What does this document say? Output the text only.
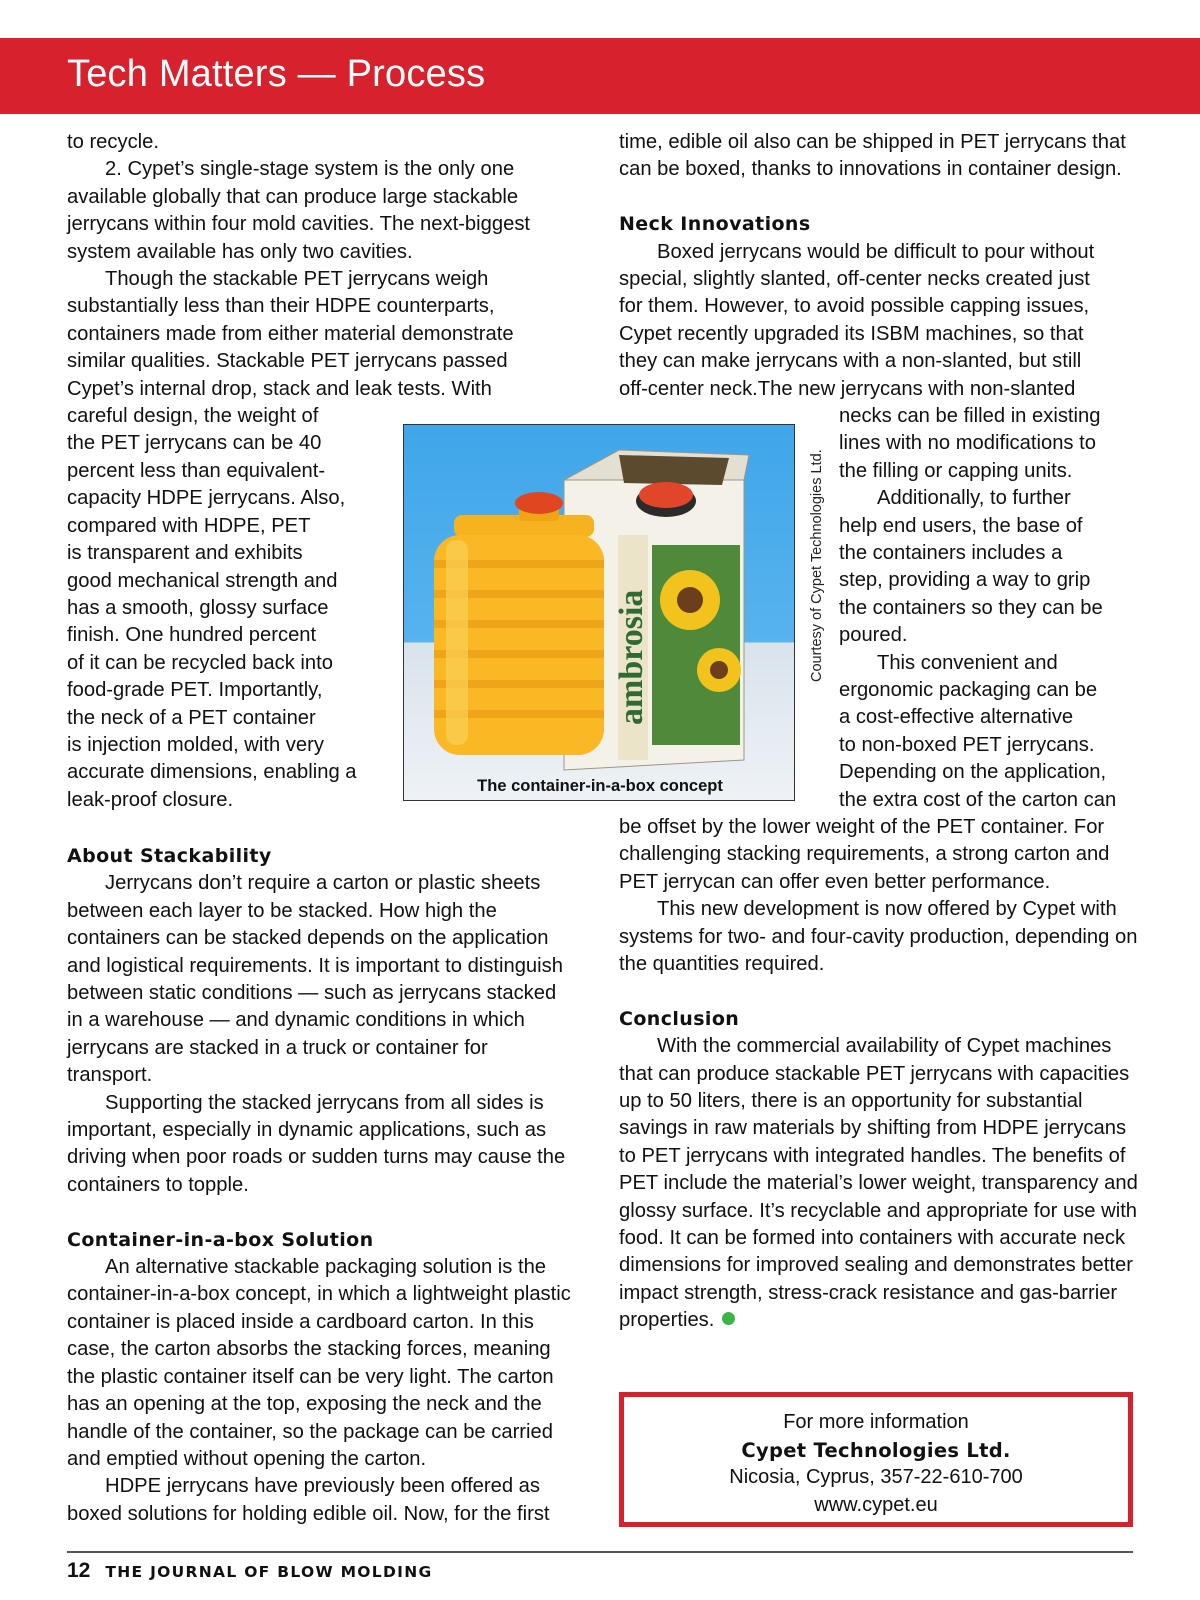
Tech Matters — Process

to recycle.

2. Cypet’s single-stage system is the only one

available globally that can produce large stackable

jerrycans within four mold cavities. The next-biggest

system available has only two cavities.

Though the stackable PET jerrycans weigh

substantially less than their HDPE counterparts,

containers made from either material demonstrate

similar qualities. Stackable PET jerrycans passed

Cypet’s internal drop, stack and leak tests. With

careful design, the weight of

the PET jerrycans can be 40

percent less than equivalent-

capacity HDPE jerrycans. Also,

compared with HDPE, PET

is transparent and exhibits

good mechanical strength and

has a smooth, glossy surface

finish. One hundred percent

of it can be recycled back into

food-grade PET. Importantly,

the neck of a PET container

is injection molded, with very

accurate dimensions, enabling a

leak-proof closure.

About Stackability

Jerrycans don’t require a carton or plastic sheets between each layer to be stacked. How high the containers can be stacked depends on the application and logistical requirements. It is important to distinguish between static conditions — such as jerrycans stacked in a warehouse — and dynamic conditions in which jerrycans are stacked in a truck or container for transport.

Supporting the stacked jerrycans from all sides is important, especially in dynamic applications, such as driving when poor roads or sudden turns may cause the containers to topple.

Container-in-a-box Solution

An alternative stackable packaging solution is the container-in-a-box concept, in which a lightweight plastic container is placed inside a cardboard carton. In this case, the carton absorbs the stacking forces, meaning the plastic container itself can be very light. The carton has an opening at the top, exposing the neck and the handle of the container, so the package can be carried and emptied without opening the carton.

HDPE jerrycans have previously been offered as boxed solutions for holding edible oil. Now, for the first

time, edible oil also can be shipped in PET jerrycans that can be boxed, thanks to innovations in container design.

Neck Innovations

Boxed jerrycans would be difficult to pour without

special, slightly slanted, off-center necks created just

for them. However, to avoid possible capping issues,

Cypet recently upgraded its ISBM machines, so that

they can make jerrycans with a non-slanted, but still

off-center neck.The new jerrycans with non-slanted

necks can be filled in existing

lines with no modifications to

the filling or capping units.

Additionally, to further

help end users, the base of

the containers includes a

step, providing a way to grip

the containers so they can be

poured.

This convenient and

ergonomic packaging can be

a cost-effective alternative

to non-boxed PET jerrycans.

Depending on the application,

the extra cost of the carton can

be offset by the lower weight of the PET container. For challenging stacking requirements, a strong carton and PET jerrycan can offer even better performance.

This new development is now offered by Cypet with systems for two- and four-cavity production, depending on the quantities required.

Conclusion

With the commercial availability of Cypet machines that can produce stackable PET jerrycans with capacities up to 50 liters, there is an opportunity for substantial savings in raw materials by shifting from HDPE jerrycans to PET jerrycans with integrated handles. The benefits of PET include the material’s lower weight, transparency and glossy surface. It’s recyclable and appropriate for use with food. It can be formed into containers with accurate neck dimensions for improved sealing and demonstrates better impact strength, stress-crack resistance and gas-barrier properties.

ambrosia
The container-in-a-box concept
Courtesy of Cypet Technologies Ltd.
For more information
Cypet Technologies Ltd.
Nicosia, Cyprus, 357-22-610-700
www.cypet.eu
12 THE JOURNAL OF BLOW MOLDING
